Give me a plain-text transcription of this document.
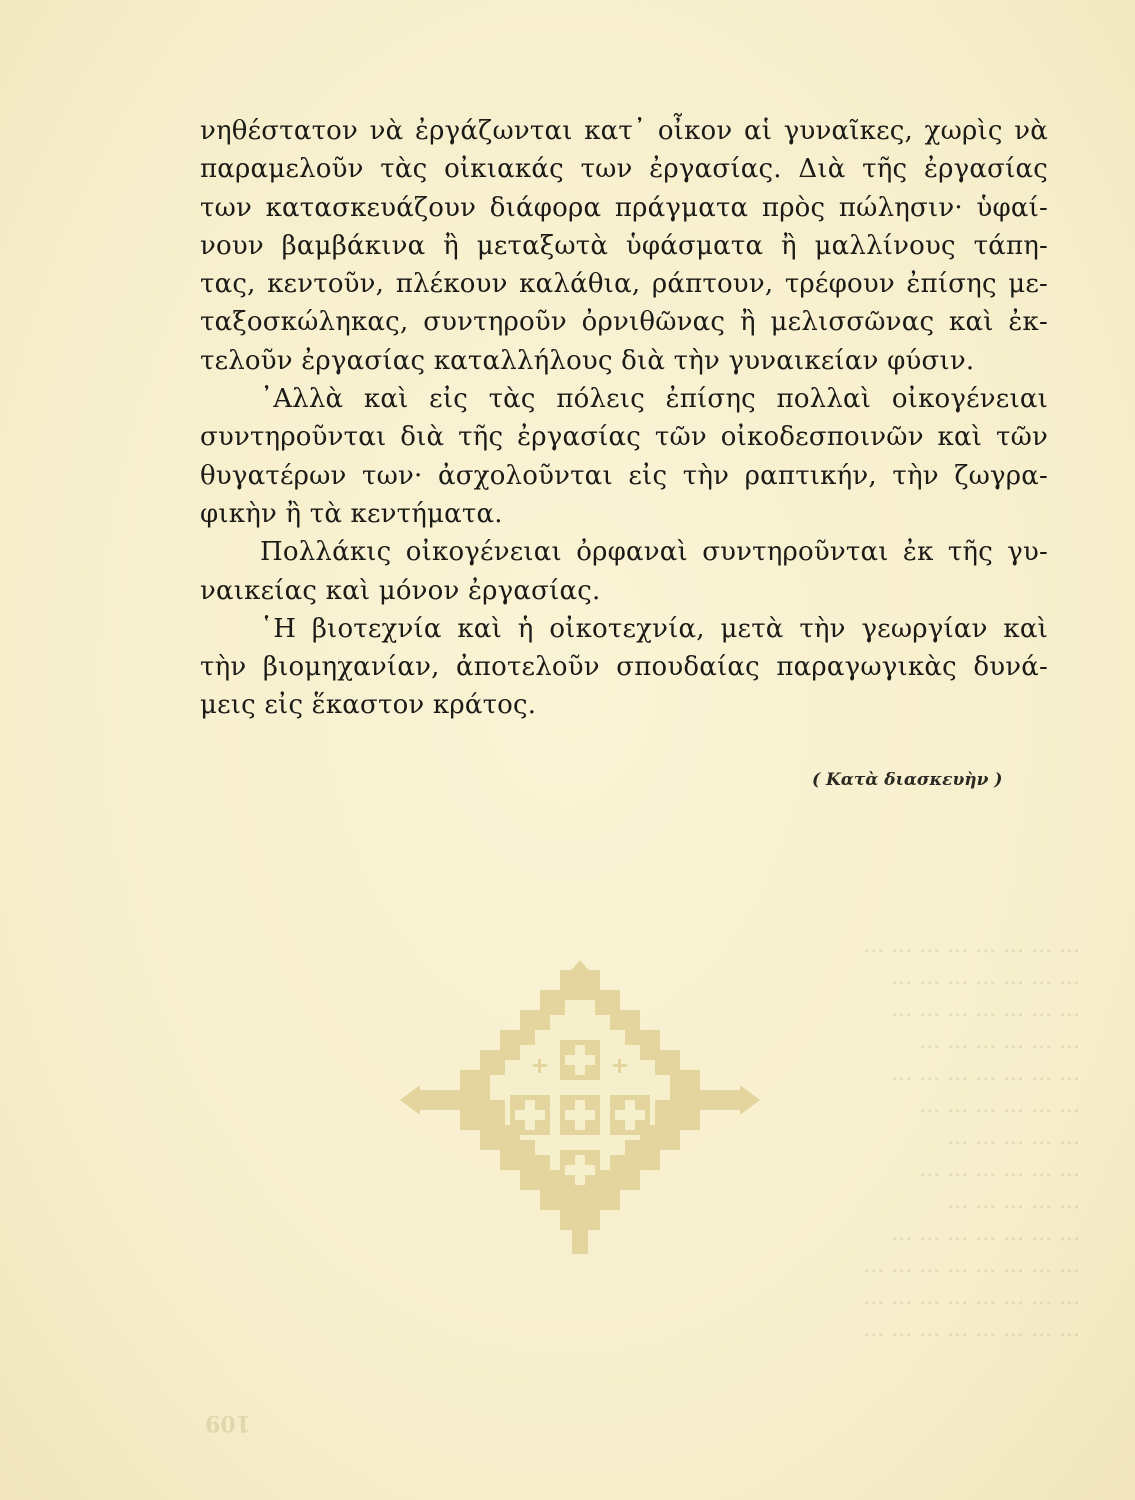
... ... ... ... ... ... ... ...
... ... ... ... ... ... ...
... ... ... ... ... ... ...
... ... ... ... ... ...
... ... ... ... ... ... ...
... ... ... ... ... ...
... ... ... ... ...
... ... ... ... ... ...
... ... ... ... ...
... ... ... ... ... ... ...
... ... ... ... ... ... ... ...
... ... ... ... ... ... ... ...
... ... ... ... ... ... ... ...
νηθέστατον νὰ ἐργάζωνται κατ᾿ οἶκον αἱ γυναῖκες, χωρὶς νὰ
παραμελοῦν τὰς οἰκιακάς των ἐργασίας. Διὰ τῆς ἐργασίας
των κατασκευάζουν διάφορα πράγματα πρὸς πώλησιν· ὑφαί-
νουν βαμβάκινα ἢ μεταξωτὰ ὑφάσματα ἢ μαλλίνους τάπη-
τας, κεντοῦν, πλέκουν καλάθια, ράπτουν, τρέφουν ἐπίσης με-
ταξοσκώληκας, συντηροῦν ὀρνιθῶνας ἢ μελισσῶνας καὶ ἐκ-
τελοῦν ἐργασίας καταλλήλους διὰ τὴν γυναικείαν φύσιν.
᾿Αλλὰ καὶ εἰς τὰς πόλεις ἐπίσης πολλαὶ οἰκογένειαι
συντηροῦνται διὰ τῆς ἐργασίας τῶν οἰκοδεσποινῶν καὶ τῶν
θυγατέρων των· ἀσχολοῦνται εἰς τὴν ραπτικήν, τὴν ζωγρα-
φικὴν ἢ τὰ κεντήματα.
Πολλάκις οἰκογένειαι ὀρφαναὶ συντηροῦνται ἐκ τῆς γυ-
ναικείας καὶ μόνον ἐργασίας.
῾Η βιοτεχνία καὶ ἡ οἰκοτεχνία, μετὰ τὴν γεωργίαν καὶ
τὴν βιομηχανίαν, ἀποτελοῦν σπουδαίας παραγωγικὰς δυνά-
μεις εἰς ἕκαστον κράτος.
( Κατὰ διασκευὴν )
109
